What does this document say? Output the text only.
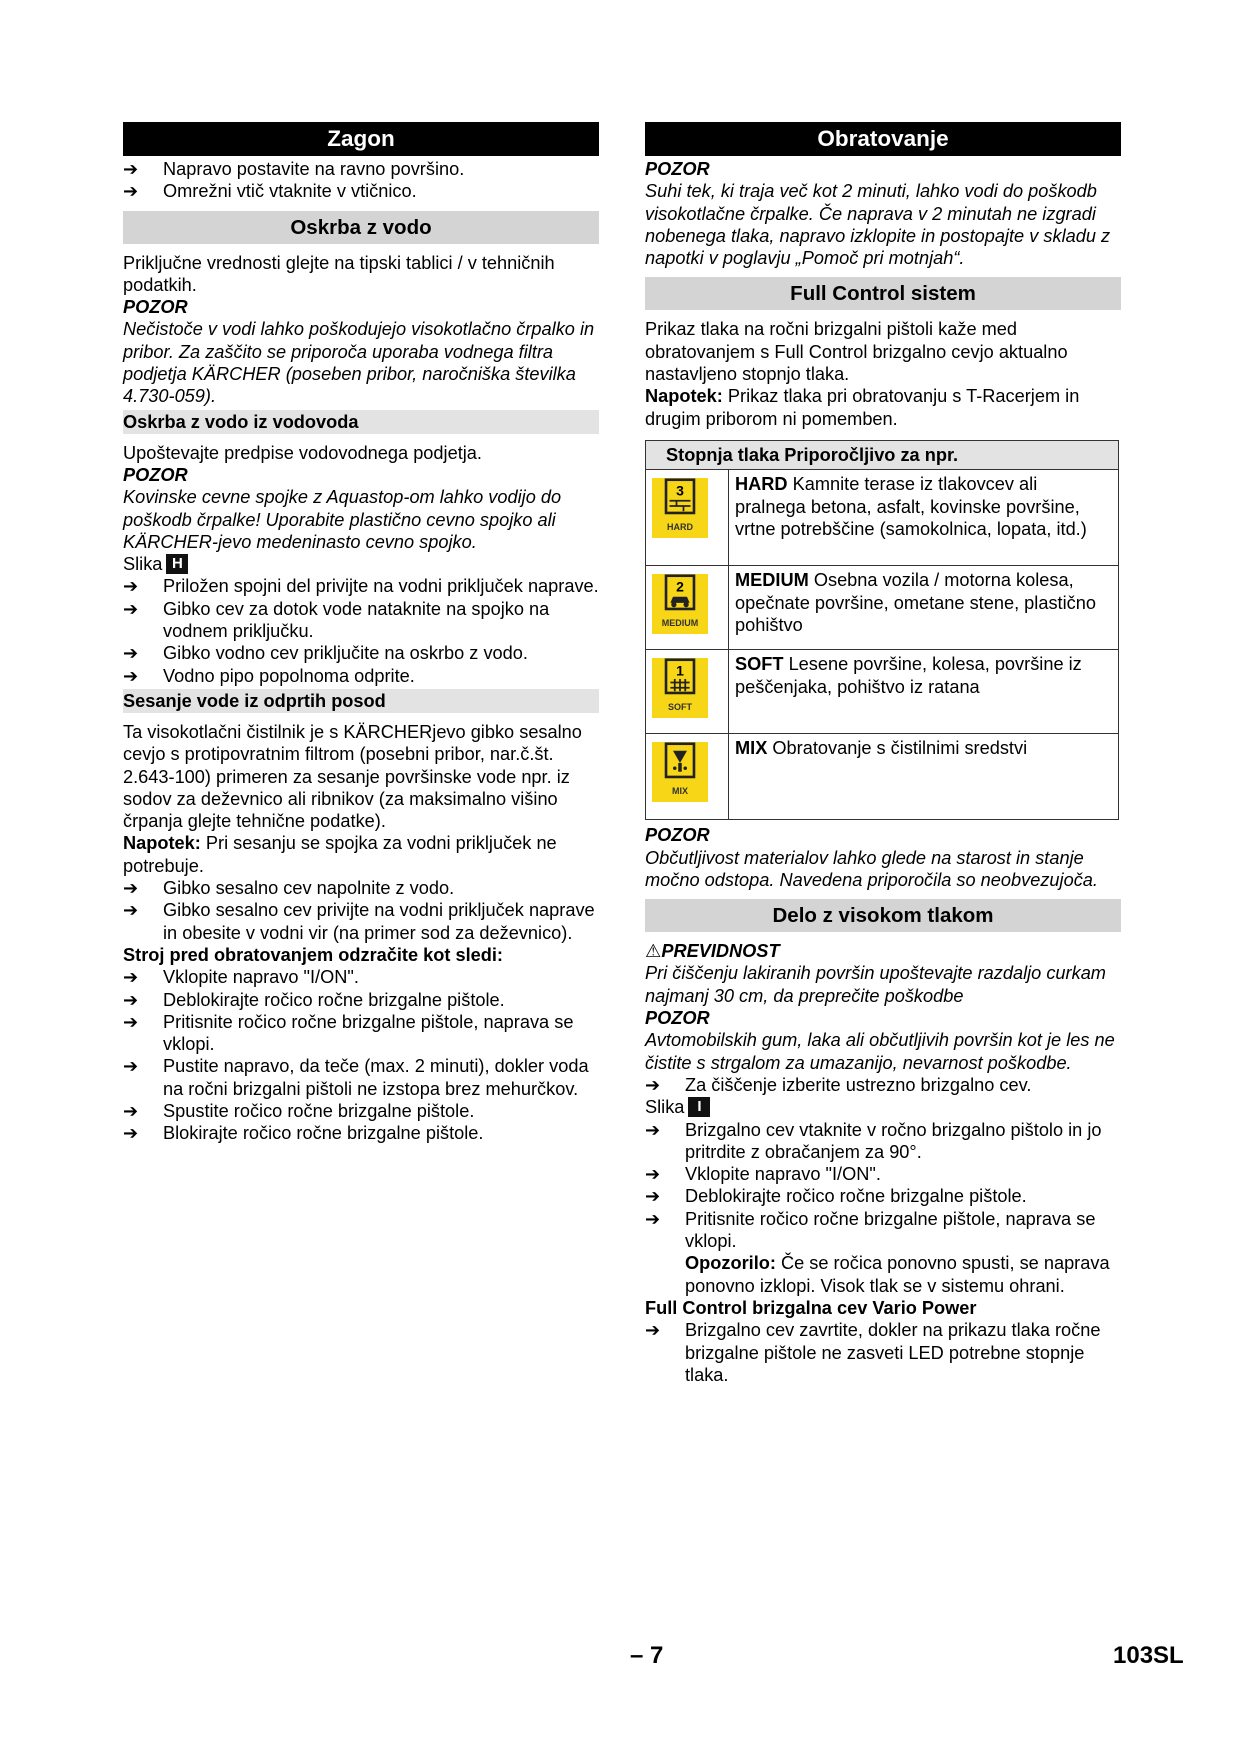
Zagon
➔	Napravo postavite na ravno površino.
➔	Omrežni vtič vtaknite v vtičnico.
Oskrba z vodo
Priključne vrednosti glejte na tipski tablici / v tehničnih podatkih.
POZOR
Nečistoče v vodi lahko poškodujejo visokotlačno črpalko in pribor. Za zaščito se priporoča uporaba vodnega filtra podjetja KÄRCHER (poseben pribor, naročniška številka 4.730-059).
Oskrba z vodo iz vodovoda
Upoštevajte predpise vodovodnega podjetja.
POZOR
Kovinske cevne spojke z Aquastop-om lahko vodijo do poškodb črpalke! Uporabite plastično cevno spojko ali KÄRCHER-jevo medeninasto cevno spojko.
Slika H
➔	Priložen spojni del privijte na vodni priključek naprave.
➔	Gibko cev za dotok vode nataknite na spojko na vodnem priključku.
➔	Gibko vodno cev priključite na oskrbo z vodo.
➔	Vodno pipo popolnoma odprite.
Sesanje vode iz odprtih posod
Ta visokotlačni čistilnik je s KÄRCHERjevo gibko sesalno cevjo s protipovratnim filtrom (posebni pribor, nar.č.št. 2.643-100) primeren za sesanje površinske vode npr. iz sodov za deževnico ali ribnikov (za maksimalno višino črpanja glejte tehnične podatke).
Napotek: Pri sesanju se spojka za vodni priključek ne potrebuje.
➔	Gibko sesalno cev napolnite z vodo.
➔	Gibko sesalno cev privijte na vodni priključek naprave in obesite v vodni vir (na primer sod za deževnico).
Stroj pred obratovanjem odzračite kot sledi:
➔	Vklopite napravo "I/ON".
➔	Deblokirajte ročico ročne brizgalne pištole.
➔	Pritisnite ročico ročne brizgalne pištole, naprava se vklopi.
➔	Pustite napravo, da teče (max. 2 minuti), dokler voda na ročni brizgalni pištoli ne izstopa brez mehurčkov.
➔	Spustite ročico ročne brizgalne pištole.
➔	Blokirajte ročico ročne brizgalne pištole.
Obratovanje
POZOR
Suhi tek, ki traja več kot 2 minuti, lahko vodi do poškodb visokotlačne črpalke. Če naprava v 2 minutah ne izgradi nobenega tlaka, napravo izklopite in postopajte v skladu z napotki v poglavju „Pomoč pri motnjah“.
Full Control sistem
Prikaz tlaka na ročni brizgalni pištoli kaže med obratovanjem s Full Control brizgalno cevjo aktualno nastavljeno stopnjo tlaka.
Napotek: Prikaz tlaka pri obratovanju s T-Racerjem in drugim priborom ni pomemben.
Stopnja tlaka Priporočljivo za npr.	

3
HARD	HARD Kamnite terase iz tlakovcev ali pralnega betona, asfalt, kovinske površine, vrtne potrebščine (samokolnica, lopata, itd.)

2
MEDIUM	MEDIUM Osebna vozila / motorna kolesa, opečnate površine, ometane stene, plastično pohištvo

1
SOFT	SOFT Lesene površine, kolesa, površine iz peščenjaka, pohištvo iz ratana

MIX	MIX Obratovanje s čistilnimi sredstvi
POZOR
Občutljivost materialov lahko glede na starost in stanje močno odstopa. Navedena priporočila so neobvezujoča.
Delo z visokom tlakom
⚠PREVIDNOST
Pri čiščenju lakiranih površin upoštevajte razdaljo curkam najmanj 30 cm, da preprečite poškodbe
POZOR
Avtomobilskih gum, laka ali občutljivih površin kot je les ne čistite s strgalom za umazanijo, nevarnost poškodbe.
➔	Za čiščenje izberite ustrezno brizgalno cev.
Slika I
➔	Brizgalno cev vtaknite v ročno brizgalno pištolo in jo pritrdite z obračanjem za 90°.
➔	Vklopite napravo "I/ON".
➔	Deblokirajte ročico ročne brizgalne pištole.
➔	Pritisnite ročico ročne brizgalne pištole, naprava se vklopi.
Opozorilo: Če se ročica ponovno spusti, se naprava ponovno izklopi. Visok tlak se v sistemu ohrani.
Full Control brizgalna cev Vario Power
➔	Brizgalno cev zavrtite, dokler na prikazu tlaka ročne brizgalne pištole ne zasveti LED potrebne stopnje tlaka.
– 7	103SL
